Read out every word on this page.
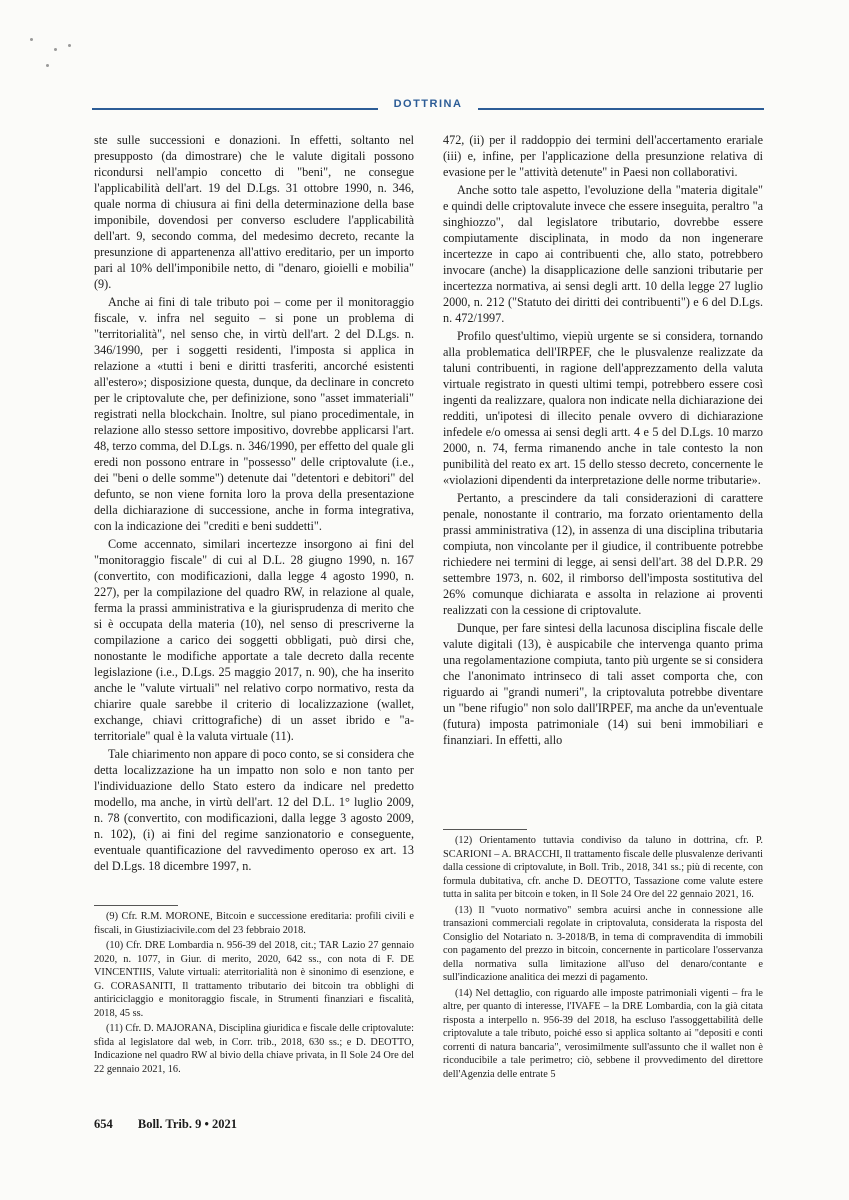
DOTTRINA

ste sulle successioni e donazioni. In effetti, soltanto nel presupposto (da dimostrare) che le valute digitali possono ricondursi nell'ampio concetto di "beni", ne consegue l'applicabilità dell'art. 19 del D.Lgs. 31 ottobre 1990, n. 346, quale norma di chiusura ai fini della determinazione della base imponibile, dovendosi per converso escludere l'applicabilità dell'art. 9, secondo comma, del medesimo decreto, recante la presunzione di appartenenza all'attivo ereditario, per un importo pari al 10% dell'imponibile netto, di "denaro, gioielli e mobilia" (9).

Anche ai fini di tale tributo poi – come per il monitoraggio fiscale, v. infra nel seguito – si pone un problema di "territorialità", nel senso che, in virtù dell'art. 2 del D.Lgs. n. 346/1990, per i soggetti residenti, l'imposta si applica in relazione a «tutti i beni e diritti trasferiti, ancorché esistenti all'estero»; disposizione questa, dunque, da declinare in concreto per le criptovalute che, per definizione, sono "asset immateriali" registrati nella blockchain. Inoltre, sul piano procedimentale, in relazione allo stesso settore impositivo, dovrebbe applicarsi l'art. 48, terzo comma, del D.Lgs. n. 346/1990, per effetto del quale gli eredi non possono entrare in "possesso" delle criptovalute (i.e., dei "beni o delle somme") detenute dai "detentori e debitori" del defunto, se non viene fornita loro la prova della presentazione della dichiarazione di successione, anche in forma integrativa, con la indicazione dei "crediti e beni suddetti".

Come accennato, similari incertezze insorgono ai fini del "monitoraggio fiscale" di cui al D.L. 28 giugno 1990, n. 167 (convertito, con modificazioni, dalla legge 4 agosto 1990, n. 227), per la compilazione del quadro RW, in relazione al quale, ferma la prassi amministrativa e la giurisprudenza di merito che si è occupata della materia (10), nel senso di prescriverne la compilazione a carico dei soggetti obbligati, può dirsi che, nonostante le modifiche apportate a tale decreto dalla recente legislazione (i.e., D.Lgs. 25 maggio 2017, n. 90), che ha inserito anche le "valute virtuali" nel relativo corpo normativo, resta da chiarire quale sarebbe il criterio di localizzazione (wallet, exchange, chiavi crittografiche) di un asset ibrido e "a-territoriale" qual è la valuta virtuale (11).

Tale chiarimento non appare di poco conto, se si considera che detta localizzazione ha un impatto non solo e non tanto per l'individuazione dello Stato estero da indicare nel predetto modello, ma anche, in virtù dell'art. 12 del D.L. 1° luglio 2009, n. 78 (convertito, con modificazioni, dalla legge 3 agosto 2009, n. 102), (i) ai fini del regime sanzionatorio e conseguente, eventuale quantificazione del ravvedimento operoso ex art. 13 del D.Lgs. 18 dicembre 1997, n.

472, (ii) per il raddoppio dei termini dell'accertamento erariale (iii) e, infine, per l'applicazione della presunzione relativa di evasione per le "attività detenute" in Paesi non collaborativi.

Anche sotto tale aspetto, l'evoluzione della "materia digitale" e quindi delle criptovalute invece che essere inseguita, peraltro "a singhiozzo", dal legislatore tributario, dovrebbe essere compiutamente disciplinata, in modo da non ingenerare incertezze in capo ai contribuenti che, allo stato, potrebbero invocare (anche) la disapplicazione delle sanzioni tributarie per incertezza normativa, ai sensi degli artt. 10 della legge 27 luglio 2000, n. 212 ("Statuto dei diritti dei contribuenti") e 6 del D.Lgs. n. 472/1997.

Profilo quest'ultimo, viepiù urgente se si considera, tornando alla problematica dell'IRPEF, che le plusvalenze realizzate da taluni contribuenti, in ragione dell'apprezzamento della valuta virtuale registrato in questi ultimi tempi, potrebbero essere così ingenti da realizzare, qualora non indicate nella dichiarazione dei redditi, un'ipotesi di illecito penale ovvero di dichiarazione infedele e/o omessa ai sensi degli artt. 4 e 5 del D.Lgs. 10 marzo 2000, n. 74, ferma rimanendo anche in tale contesto la non punibilità del reato ex art. 15 dello stesso decreto, concernente le «violazioni dipendenti da interpretazione delle norme tributarie».

Pertanto, a prescindere da tali considerazioni di carattere penale, nonostante il contrario, ma forzato orientamento della prassi amministrativa (12), in assenza di una disciplina tributaria compiuta, non vincolante per il giudice, il contribuente potrebbe richiedere nei termini di legge, ai sensi dell'art. 38 del D.P.R. 29 settembre 1973, n. 602, il rimborso dell'imposta sostitutiva del 26% comunque dichiarata e assolta in relazione ai proventi realizzati con la cessione di criptovalute.

Dunque, per fare sintesi della lacunosa disciplina fiscale delle valute digitali (13), è auspicabile che intervenga quanto prima una regolamentazione compiuta, tanto più urgente se si considera che l'anonimato intrinseco di tali asset comporta che, con riguardo ai "grandi numeri", la criptovaluta potrebbe diventare un "bene rifugio" non solo dall'IRPEF, ma anche da un'eventuale (futura) imposta patrimoniale (14) sui beni immobiliari e finanziari. In effetti, allo

(9) Cfr. R.M. MORONE, Bitcoin e successione ereditaria: profili civili e fiscali, in Giustiziacivile.com del 23 febbraio 2018.

(10) Cfr. DRE Lombardia n. 956-39 del 2018, cit.; TAR Lazio 27 gennaio 2020, n. 1077, in Giur. di merito, 2020, 642 ss., con nota di F. DE VINCENTIIS, Valute virtuali: aterritorialità non è sinonimo di esenzione, e G. CORASANITI, Il trattamento tributario dei bitcoin tra obblighi di antiriciclaggio e monitoraggio fiscale, in Strumenti finanziari e fiscalità, 2018, 45 ss.

(11) Cfr. D. MAJORANA, Disciplina giuridica e fiscale delle criptovalute: sfida al legislatore dal web, in Corr. trib., 2018, 630 ss.; e D. DEOTTO, Indicazione nel quadro RW al bivio della chiave privata, in Il Sole 24 Ore del 22 gennaio 2021, 16.

(12) Orientamento tuttavia condiviso da taluno in dottrina, cfr. P. SCARIONI – A. BRACCHI, Il trattamento fiscale delle plusvalenze derivanti dalla cessione di criptovalute, in Boll. Trib., 2018, 341 ss.; più di recente, con formula dubitativa, cfr. anche D. DEOTTO, Tassazione come valute estere tutta in salita per bitcoin e token, in Il Sole 24 Ore del 22 gennaio 2021, 16.

(13) Il "vuoto normativo" sembra acuirsi anche in connessione alle transazioni commerciali regolate in criptovaluta, considerata la risposta del Consiglio del Notariato n. 3-2018/B, in tema di compravendita di immobili con pagamento del prezzo in bitcoin, concernente in particolare l'osservanza della normativa sulla limitazione all'uso del denaro/contante e sull'indicazione analitica dei mezzi di pagamento.

(14) Nel dettaglio, con riguardo alle imposte patrimoniali vigenti – fra le altre, per quanto di interesse, l'IVAFE – la DRE Lombardia, con la già citata risposta a interpello n. 956-39 del 2018, ha escluso l'assoggettabilità delle criptovalute a tale tributo, poiché esso si applica soltanto ai "depositi e conti correnti di natura bancaria", verosimilmente sull'assunto che il wallet non è riconducibile a tale perimetro; ciò, sebbene il provvedimento del direttore dell'Agenzia delle entrate 5

654 Boll. Trib. 9 • 2021
